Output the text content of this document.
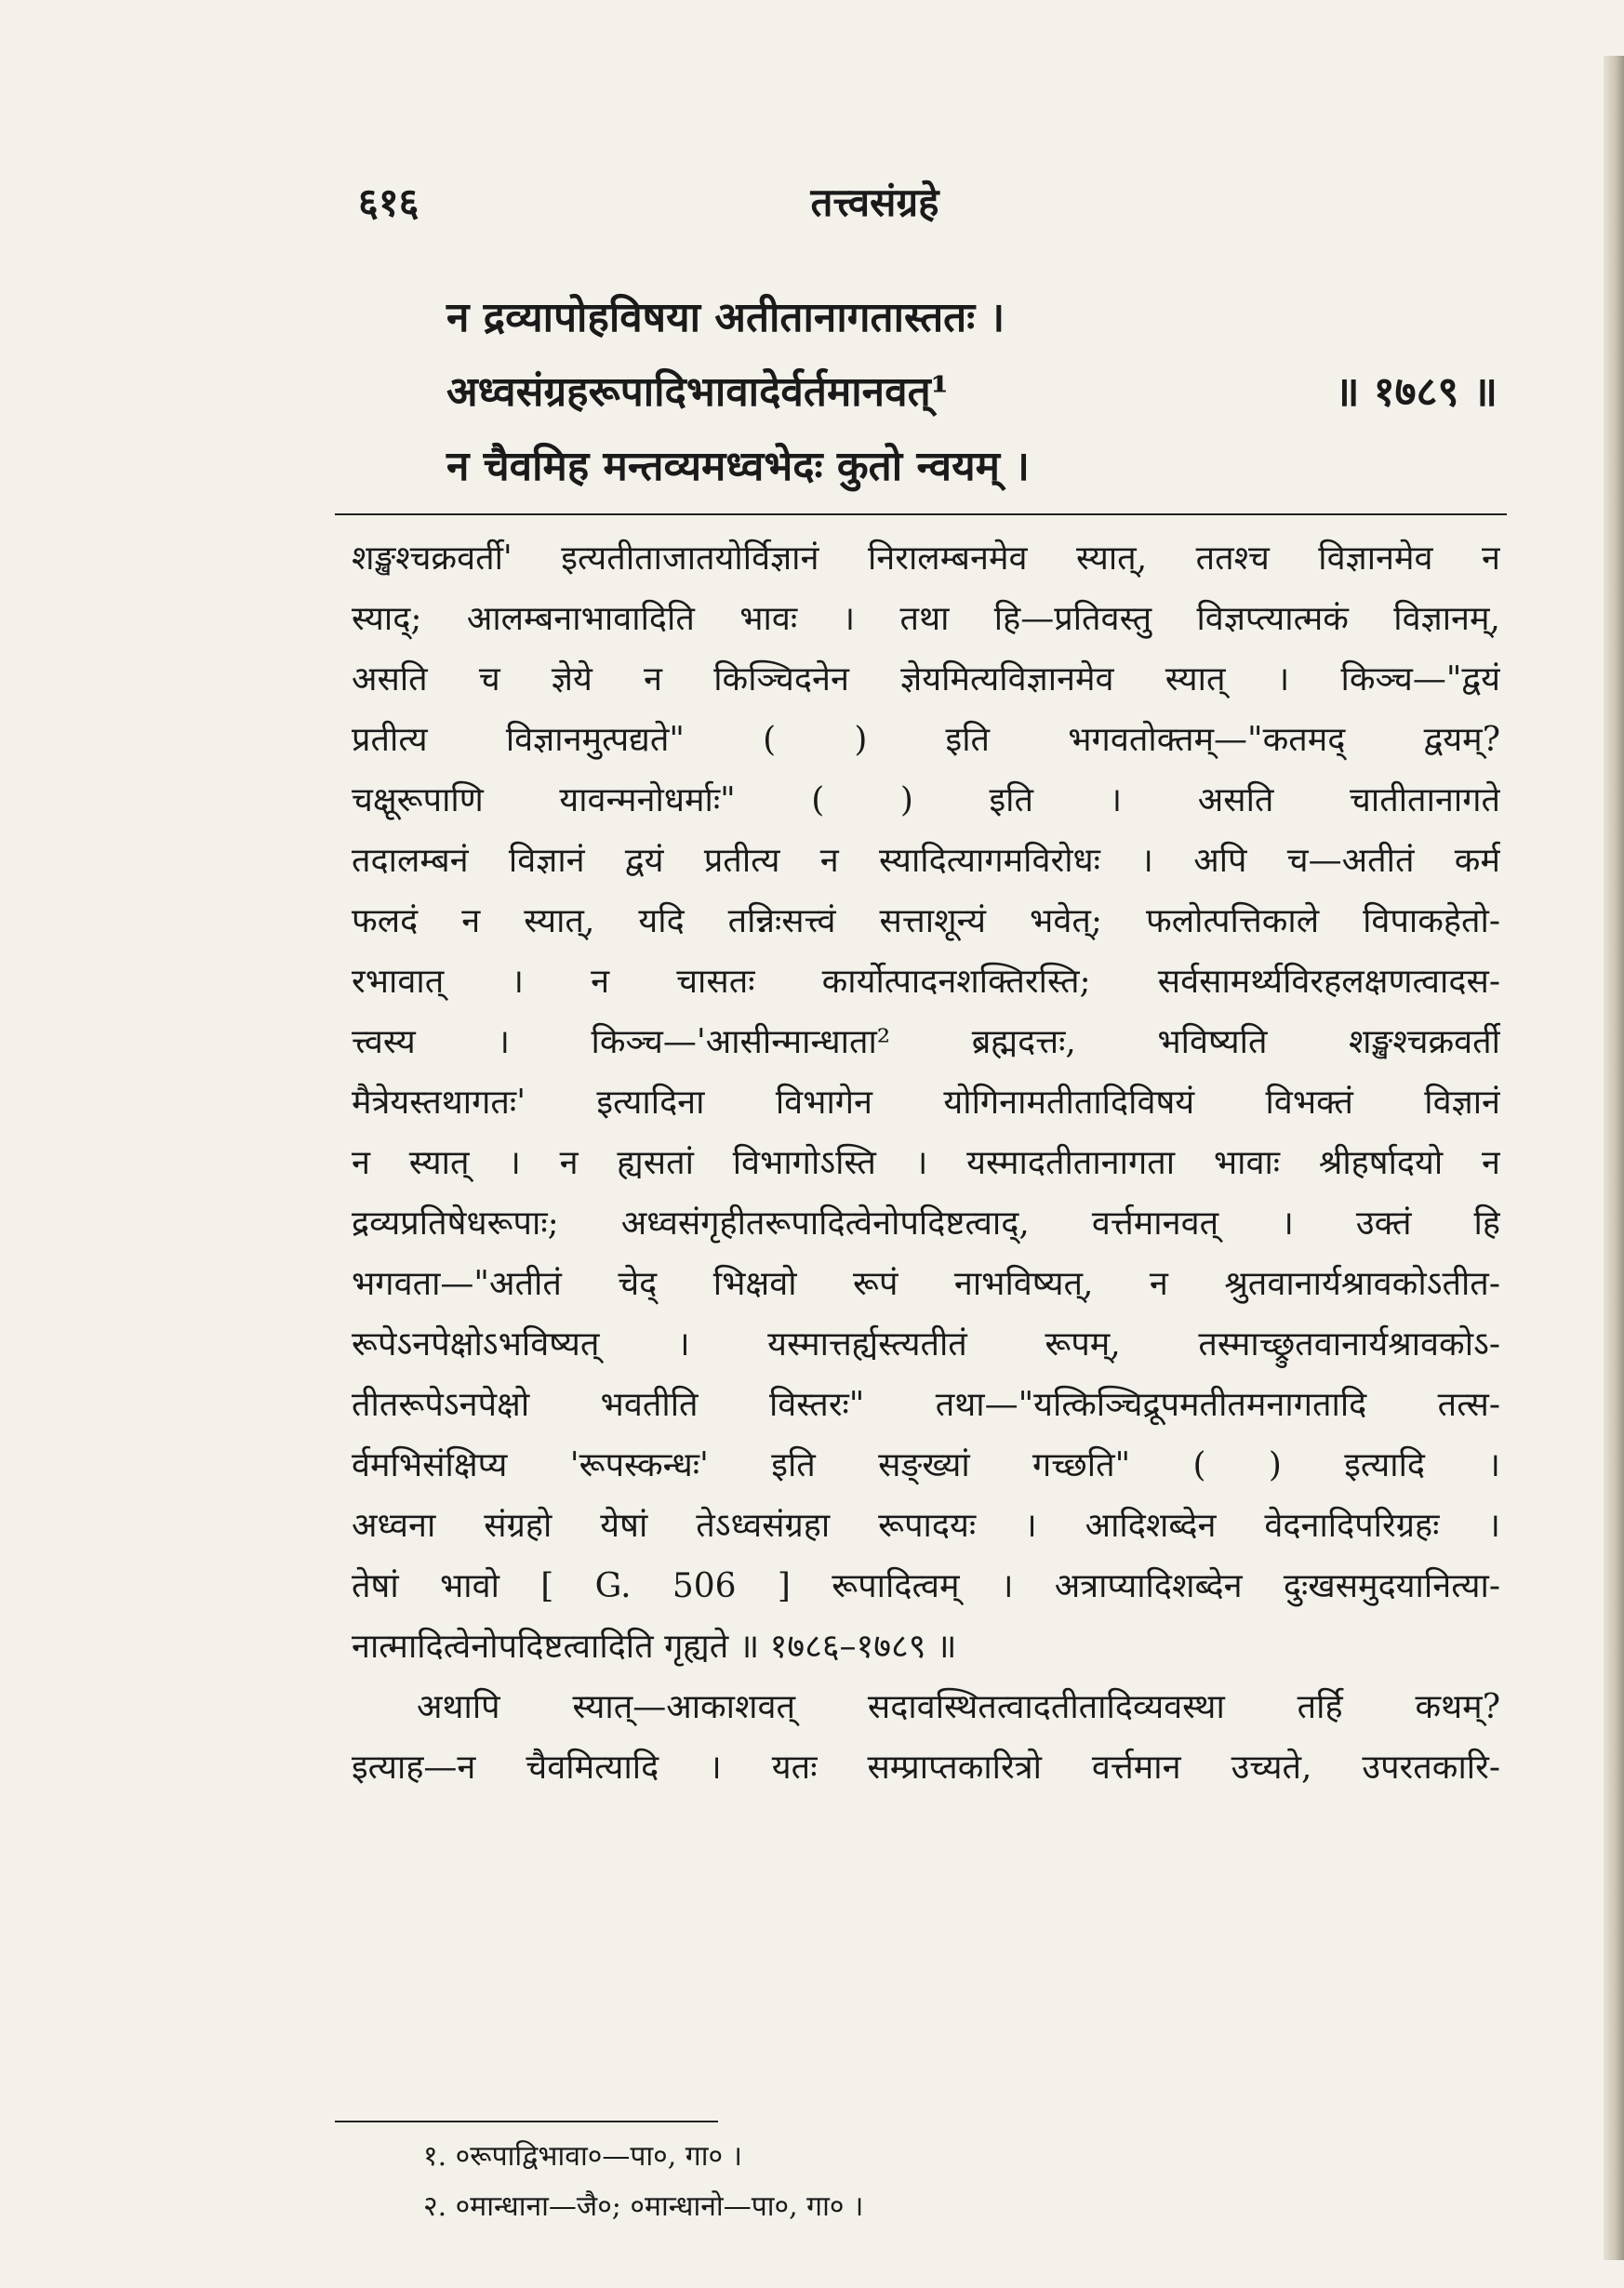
६१६	तत्त्वसंग्रहे
न द्रव्यापोहविषया अतीतानागतास्ततः ।
अध्वसंग्रहरूपादिभावादेर्वर्तमानवत्¹	॥ १७८९ ॥
न चैवमिह मन्तव्यमध्वभेदः कुतो न्वयम् ।
शङ्खश्चक्रवर्ती' इत्यतीताजातयोर्विज्ञानं निरालम्बनमेव स्यात्, ततश्च विज्ञानमेव न
स्याद्; आलम्बनाभावादिति भावः । तथा हि—प्रतिवस्तु विज्ञप्त्यात्मकं विज्ञानम्,
असति च ज्ञेये न किञ्चिदनेन ज्ञेयमित्यविज्ञानमेव स्यात् । किञ्च—"द्वयं
प्रतीत्य विज्ञानमुत्पद्यते" ( ) इति भगवतोक्तम्—"कतमद् द्वयम्?
चक्षूरूपाणि यावन्मनोधर्माः" ( ) इति । असति चातीतानागते
तदालम्बनं विज्ञानं द्वयं प्रतीत्य न स्यादित्यागमविरोधः । अपि च—अतीतं कर्म
फलदं न स्यात्, यदि तन्निःसत्त्वं सत्ताशून्यं भवेत्; फलोत्पत्तिकाले विपाकहेतो-
रभावात् । न चासतः कार्योत्पादनशक्तिरस्ति; सर्वसामर्थ्यविरहलक्षणत्वादस-
त्त्वस्य । किञ्च—'आसीन्मान्धाता² ब्रह्मदत्तः, भविष्यति शङ्खश्चक्रवर्ती
मैत्रेयस्तथागतः' इत्यादिना विभागेन योगिनामतीतादिविषयं विभक्तं विज्ञानं
न स्यात् । न ह्यसतां विभागोऽस्ति । यस्मादतीतानागता भावाः श्रीहर्षादयो न
द्रव्यप्रतिषेधरूपाः; अध्वसंगृहीतरूपादित्वेनोपदिष्टत्वाद्, वर्त्तमानवत् । उक्तं हि
भगवता—"अतीतं चेद् भिक्षवो रूपं नाभविष्यत्, न श्रुतवानार्यश्रावकोऽतीत-
रूपेऽनपेक्षोऽभविष्यत् । यस्मात्तर्ह्यस्त्यतीतं रूपम्, तस्माच्छ्रुतवानार्यश्रावकोऽ-
तीतरूपेऽनपेक्षो भवतीति विस्तरः" तथा—"यत्किञ्चिद्रूपमतीतमनागतादि तत्स-
र्वमभिसंक्षिप्य 'रूपस्कन्धः' इति सङ्ख्यां गच्छति" ( ) इत्यादि ।
अध्वना संग्रहो येषां तेऽध्वसंग्रहा रूपादयः । आदिशब्देन वेदनादिपरिग्रहः ।
तेषां भावो [ G. 506 ] रूपादित्वम् । अत्राप्यादिशब्देन दुःखसमुदयानित्या-
नात्मादित्वेनोपदिष्टत्वादिति गृह्यते ॥ १७८६–१७८९ ॥
अथापि स्यात्—आकाशवत् सदावस्थितत्वादतीतादिव्यवस्था तर्हि कथम्?
इत्याह—न चैवमित्यादि । यतः सम्प्राप्तकारित्रो वर्त्तमान उच्यते, उपरतकारि-
१. ०रूपाद्विभावा०—पा०, गा० ।
२. ०मान्धाना—जै०; ०मान्धानो—पा०, गा० ।
